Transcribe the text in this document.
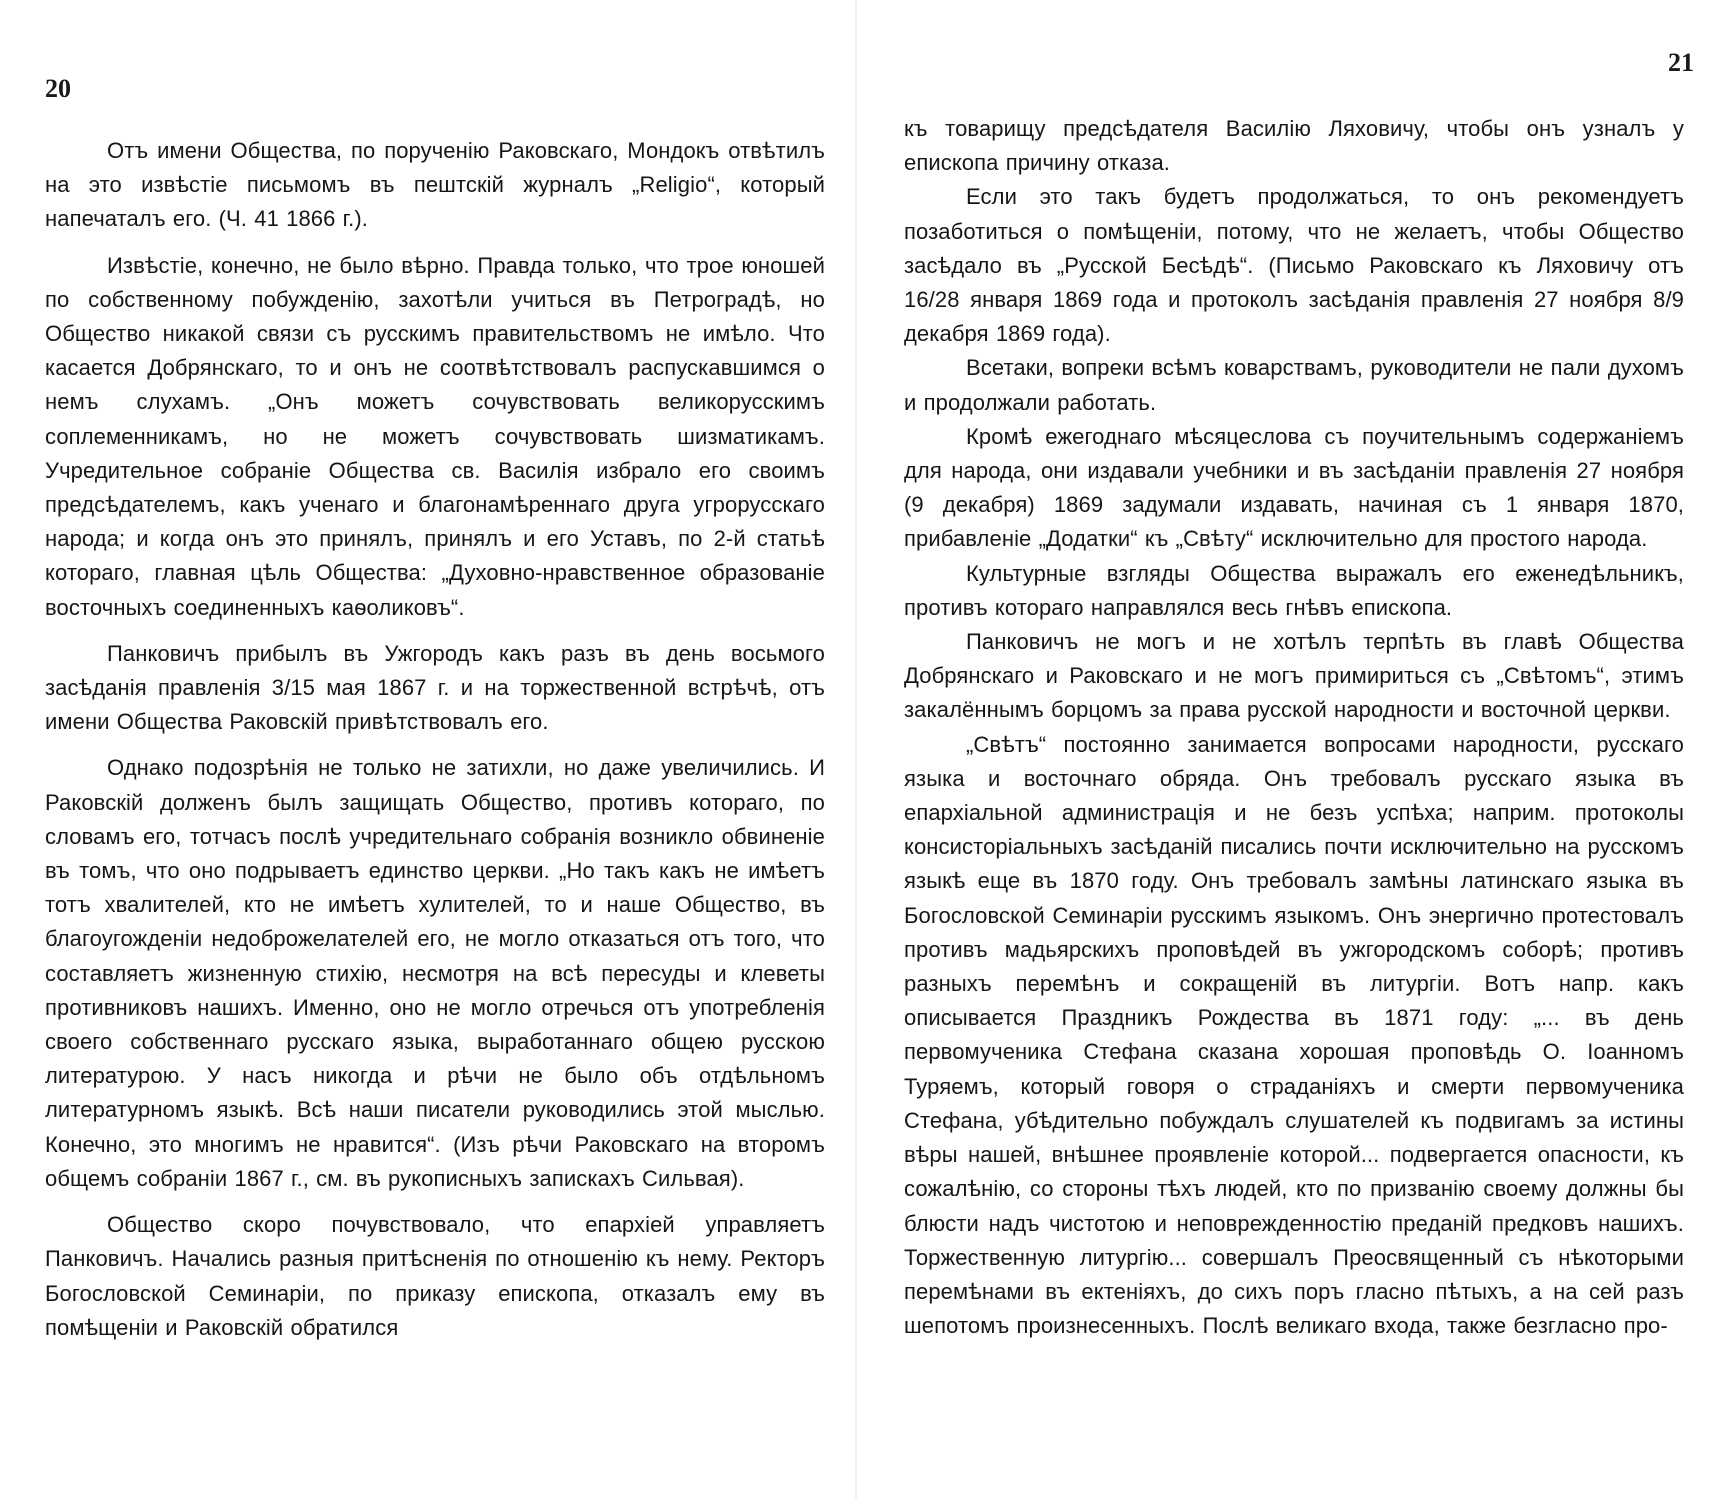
20

Отъ имени Общества, по порученію Раковскаго, Мондокъ отвѣтилъ на это извѣстіе письмомъ въ пештскій журналъ „Religio“, который напечаталъ его. (Ч. 41 1866 г.).

Извѣстіе, конечно, не было вѣрно. Правда только, что трое юношей по собственному побужденію, захотѣли учиться въ Петроградѣ, но Общество никакой связи съ русскимъ правительствомъ не имѣло. Что касается Добрянскаго, то и онъ не соотвѣтствовалъ распускавшимся о немъ слухамъ. „Онъ можетъ сочувствовать великорусскимъ соплеменникамъ, но не можетъ сочувствовать шизматикамъ. Учредительное собраніе Общества св. Василія избрало его своимъ предсѣдателемъ, какъ ученаго и благонамѣреннаго друга угрорусскаго народа; и когда онъ это принялъ, принялъ и его Уставъ, по 2-й статьѣ котораго, главная цѣль Общества: „Духовно-нравственное образованіе восточныхъ соединенныхъ каѳоликовъ“.

Панковичъ прибылъ въ Ужгородъ какъ разъ въ день восьмого засѣданія правленія 3/15 мая 1867 г. и на торжественной встрѣчѣ, отъ имени Общества Раковскій привѣтствовалъ его.

Однако подозрѣнія не только не затихли, но даже увеличились. И Раковскій долженъ былъ защищать Общество, противъ котораго, по словамъ его, тотчасъ послѣ учредительнаго собранія возникло обвиненіе въ томъ, что оно подрываетъ единство церкви. „Но такъ какъ не имѣетъ тотъ хвалителей, кто не имѣетъ хулителей, то и наше Общество, въ благоугожденіи недоброжелателей его, не могло отказаться отъ того, что составляетъ жизненную стихію, несмотря на всѣ пересуды и клеветы противниковъ нашихъ. Именно, оно не могло отречься отъ употребленія своего собственнаго русскаго языка, выработаннаго общею русскою литературою. У насъ никогда и рѣчи не было объ отдѣльномъ литературномъ языкѣ. Всѣ наши писатели руководились этой мыслью. Конечно, это многимъ не нравится“. (Изъ рѣчи Раковскаго на второмъ общемъ собраніи 1867 г., см. въ рукописныхъ запискахъ Сильвая).

Общество скоро почувствовало, что епархіей управляетъ Панковичъ. Начались разныя притѣсненія по отношенію къ нему. Ректоръ Богословской Семинаріи, по приказу епископа, отказалъ ему въ помѣщеніи и Раковскій обратился

21

къ товарищу предсѣдателя Василію Ляховичу, чтобы онъ узналъ у епископа причину отказа.

Если это такъ будетъ продолжаться, то онъ рекомендуетъ позаботиться о помѣщеніи, потому, что не желаетъ, чтобы Общество засѣдало въ „Русской Бесѣдѣ“. (Письмо Раковскаго къ Ляховичу отъ 16/28 января 1869 года и протоколъ засѣданія правленія 27 ноября 8/9 декабря 1869 года).

Всетаки, вопреки всѣмъ коварствамъ, руководители не пали духомъ и продолжали работать.

Кромѣ ежегоднаго мѣсяцеслова съ поучительнымъ содержаніемъ для народа, они издавали учебники и въ засѣданіи правленія 27 ноября (9 декабря) 1869 задумали издавать, начиная съ 1 января 1870, прибавленіе „Додатки“ къ „Свѣту“ исключительно для простого народа.

Культурные взгляды Общества выражалъ его еженедѣльникъ, противъ котораго направлялся весь гнѣвъ епископа.

Панковичъ не могъ и не хотѣлъ терпѣть въ главѣ Общества Добрянскаго и Раковскаго и не могъ примириться съ „Свѣтомъ“, этимъ закалённымъ борцомъ за права русской народности и восточной церкви.

„Свѣтъ“ постоянно занимается вопросами народности, русскаго языка и восточнаго обряда. Онъ требовалъ русскаго языка въ епархіальной администрація и не безъ успѣха; наприм. протоколы консисторіальныхъ засѣданій писались почти исключительно на русскомъ языкѣ еще въ 1870 году. Онъ требовалъ замѣны латинскаго языка въ Богословской Семинаріи русскимъ языкомъ. Онъ энергично протестовалъ противъ мадьярскихъ проповѣдей въ ужгородскомъ соборѣ; противъ разныхъ перемѣнъ и сокращеній въ литургіи. Вотъ напр. какъ описывается Праздникъ Рождества въ 1871 году: „... въ день первомученика Стефана сказана хорошая проповѣдь О. Іоанномъ Туряемъ, который говоря о страданіяхъ и смерти первомученика Стефана, убѣдительно побуждалъ слушателей къ подвигамъ за истины вѣры нашей, внѣшнее проявленіе которой... подвергается опасности, къ сожалѣнію, со стороны тѣхъ людей, кто по призванію своему должны бы блюсти надъ чистотою и неповрежденностію преданій предковъ нашихъ. Торжественную литургію... совершалъ Преосвященный съ нѣкоторыми перемѣнами въ ектеніяхъ, до сихъ поръ гласно пѣтыхъ, а на сей разъ шепотомъ произнесенныхъ. Послѣ великаго входа, также безгласно про-
